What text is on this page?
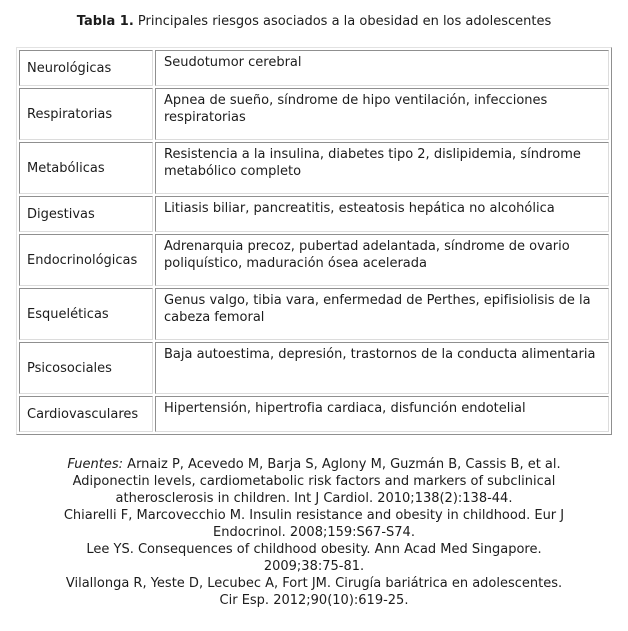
Tabla 1. Principales riesgos asociados a la obesidad en los adolescentes
Neurológicas	Seudotumor cerebral
Respiratorias	Apnea de sueño, síndrome de hipo ventilación, infecciones respiratorias
Metabólicas	Resistencia a la insulina, diabetes tipo 2, dislipidemia, síndrome metabólico completo
Digestivas	Litiasis biliar, pancreatitis, esteatosis hepática no alcohólica
Endocrinológicas	Adrenarquia precoz, pubertad adelantada, síndrome de ovario poliquístico, maduración ósea acelerada
Esqueléticas	Genus valgo, tibia vara, enfermedad de Perthes, epifisiolisis de la cabeza femoral
Psicosociales	Baja autoestima, depresión, trastornos de la conducta alimentaria
Cardiovasculares	Hipertensión, hipertrofia cardiaca, disfunción endotelial
Fuentes: Arnaiz P, Acevedo M, Barja S, Aglony M, Guzmán B, Cassis B, et al.
Adiponectin levels, cardiometabolic risk factors and markers of subclinical
atherosclerosis in children. Int J Cardiol. 2010;138(2):138-44.
Chiarelli F, Marcovecchio M. Insulin resistance and obesity in childhood. Eur J
Endocrinol. 2008;159:S67-S74.
Lee YS. Consequences of childhood obesity. Ann Acad Med Singapore.
2009;38:75-81.
Vilallonga R, Yeste D, Lecubec A, Fort JM. Cirugía bariátrica en adolescentes.
Cir Esp. 2012;90(10):619-25.
